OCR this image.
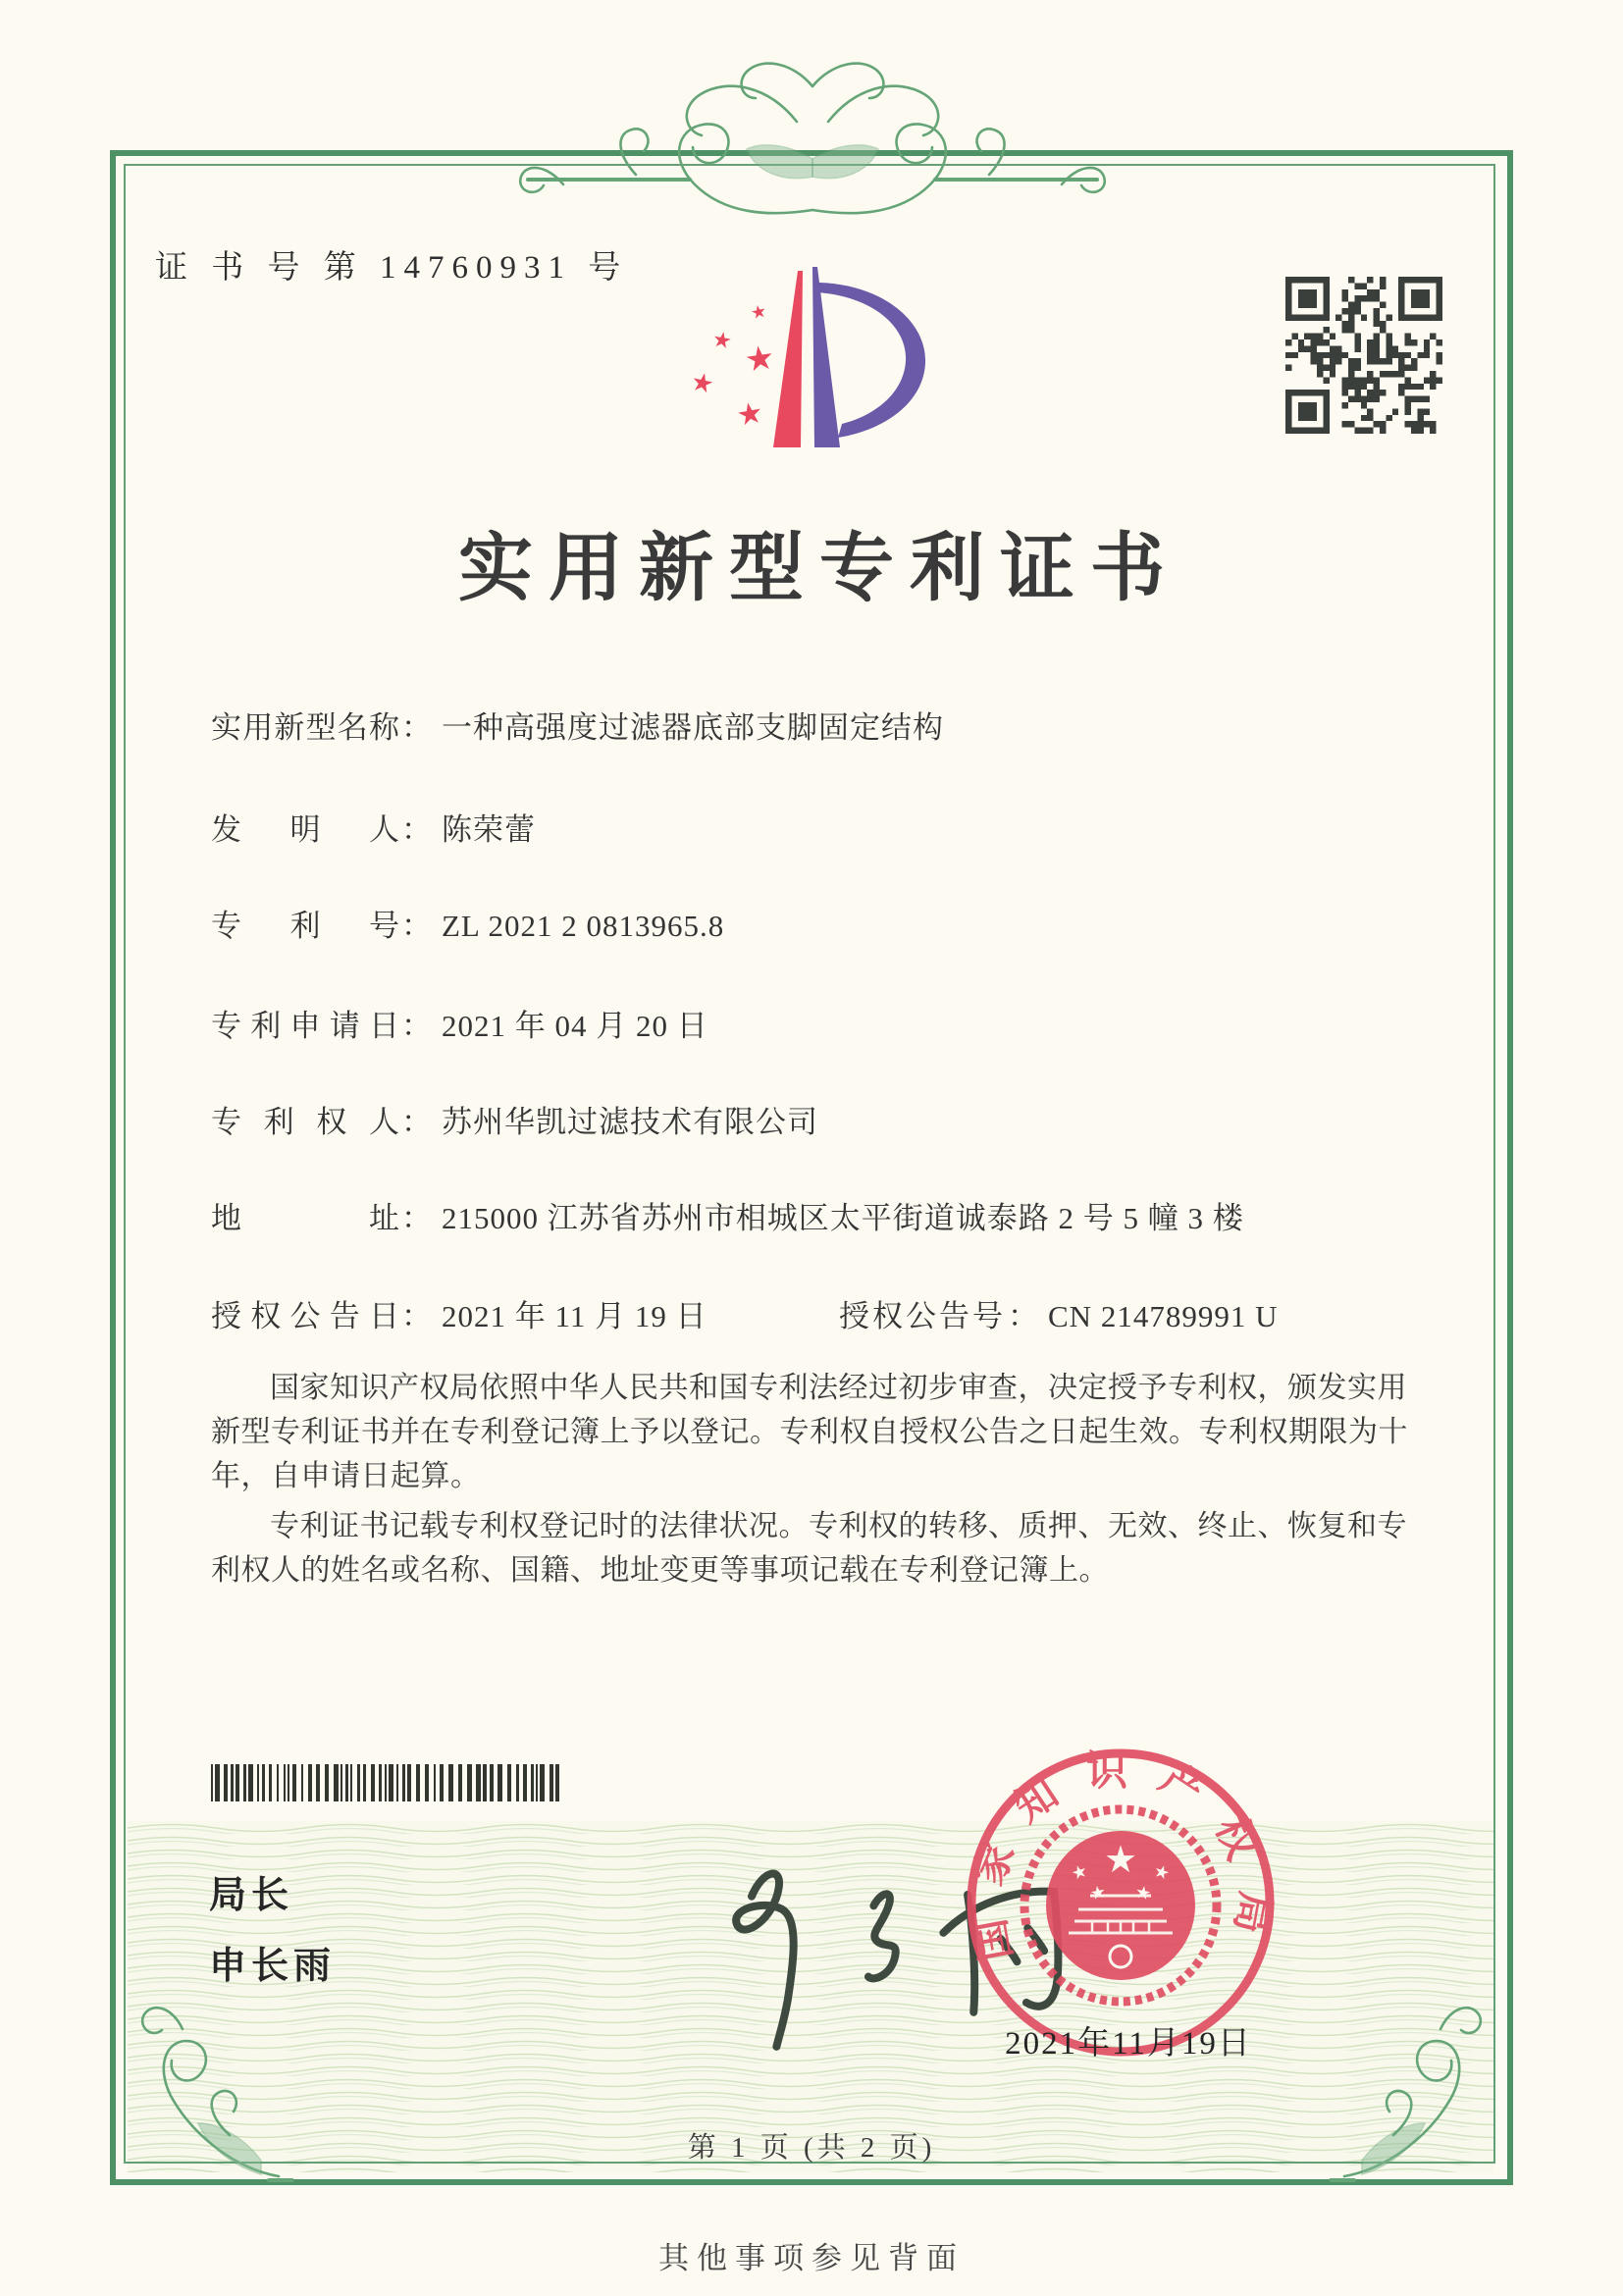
证 书 号 第 14760931 号
★
★ ★
★
★
实用新型专利证书
实用新型名称： 一种高强度过滤器底部支脚固定结构
发明人： 陈荣蕾
专利号： ZL 2021 2 0813965.8
专利申请日： 2021 年 04 月 20 日
专利权人： 苏州华凯过滤技术有限公司
地址： 215000 江苏省苏州市相城区太平街道诚泰路 2 号 5 幢 3 楼
授权公告日： 2021 年 11 月 19 日	授权公告号： CN 214789991 U

国家知识产权局依照中华人民共和国专利法经过初步审查，决定授予专利权，颁发实用新型专利证书并在专利登记簿上予以登记。专利权自授权公告之日起生效。专利权期限为十年，自申请日起算。

专利证书记载专利权登记时的法律状况。专利权的转移、质押、无效、终止、恢复和专利权人的姓名或名称、国籍、地址变更等事项记载在专利登记簿上。

局长
申长雨
国家知识产权局
★
★
★ ★
★
2021年11月19日
第 1 页 (共 2 页)
其他事项参见背面
